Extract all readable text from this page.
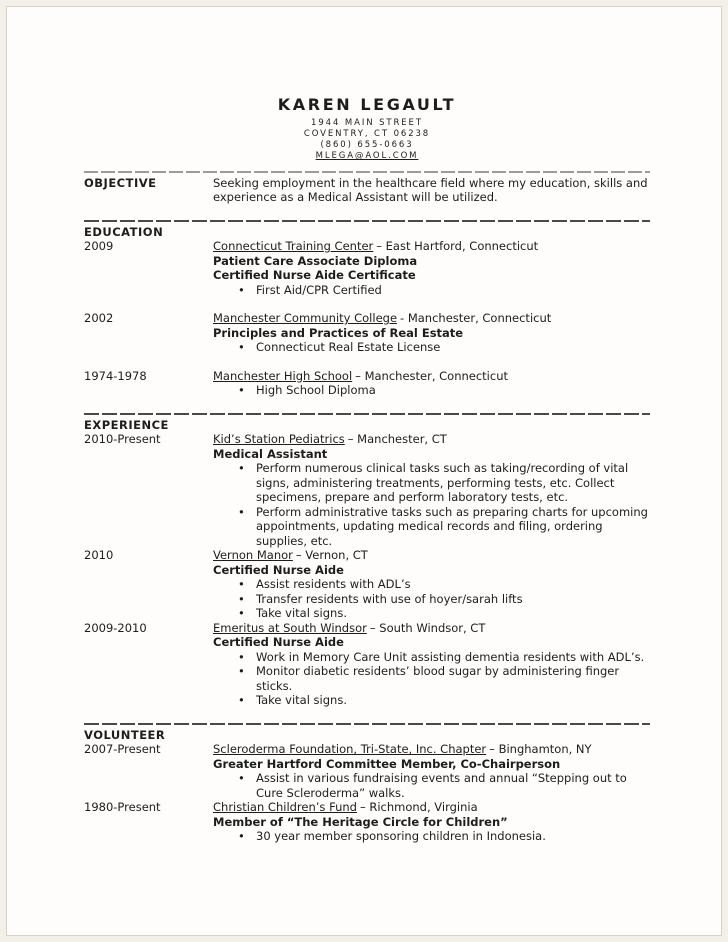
KAREN LEGAULT
1944 MAIN STREET
COVENTRY, CT 06238
(860) 655-0663
MLEGA@AOL.COM
OBJECTIVE	Seeking employment in the healthcare field where my education, skills and experience as a Medical Assistant will be utilized.
EDUCATION
2009	Connecticut Training Center – East Hartford, Connecticut
Patient Care Associate Diploma
Certified Nurse Aide Certificate
• First Aid/CPR Certified
2002	Manchester Community College - Manchester, Connecticut
Principles and Practices of Real Estate
• Connecticut Real Estate License
1974-1978	Manchester High School – Manchester, Connecticut
• High School Diploma
EXPERIENCE
2010-Present	Kid’s Station Pediatrics – Manchester, CT
Medical Assistant
• Perform numerous clinical tasks such as taking/recording of vital signs, administering treatments, performing tests, etc. Collect specimens, prepare and perform laboratory tests, etc.
• Perform administrative tasks such as preparing charts for upcoming appointments, updating medical records and filing, ordering supplies, etc.
2010	Vernon Manor – Vernon, CT
Certified Nurse Aide
• Assist residents with ADL’s
• Transfer residents with use of hoyer/sarah lifts
• Take vital signs.
2009-2010	Emeritus at South Windsor – South Windsor, CT
Certified Nurse Aide
• Work in Memory Care Unit assisting dementia residents with ADL’s.
• Monitor diabetic residents’ blood sugar by administering finger sticks.
• Take vital signs.
VOLUNTEER
2007-Present	Scleroderma Foundation, Tri-State, Inc. Chapter – Binghamton, NY
Greater Hartford Committee Member, Co-Chairperson
• Assist in various fundraising events and annual “Stepping out to Cure Scleroderma” walks.
1980-Present	Christian Children’s Fund – Richmond, Virginia
Member of “The Heritage Circle for Children”
• 30 year member sponsoring children in Indonesia.
